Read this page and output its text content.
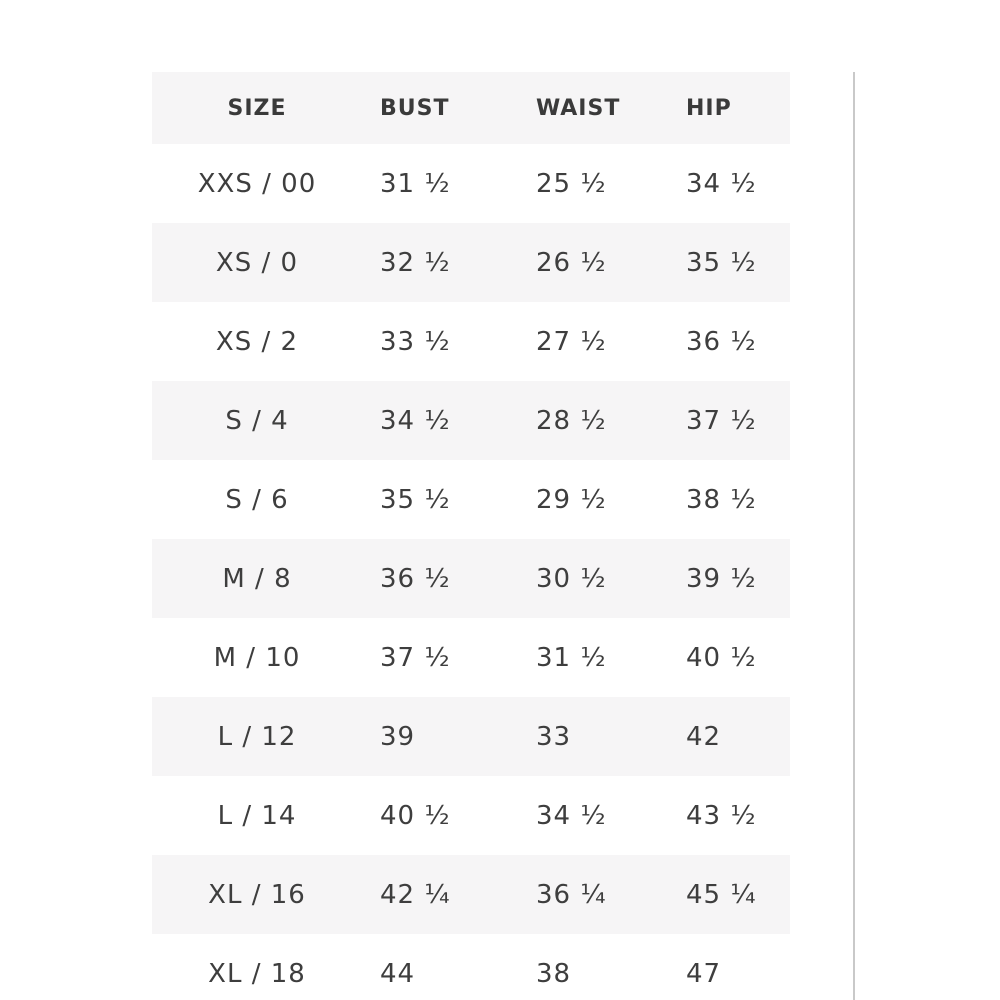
SIZE	BUST	WAIST	HIP
XXS / 00	31 ½	25 ½	34 ½
XS / 0	32 ½	26 ½	35 ½
XS / 2	33 ½	27 ½	36 ½
S / 4	34 ½	28 ½	37 ½
S / 6	35 ½	29 ½	38 ½
M / 8	36 ½	30 ½	39 ½
M / 10	37 ½	31 ½	40 ½
L / 12	39	33	42
L / 14	40 ½	34 ½	43 ½
XL / 16	42 ¼	36 ¼	45 ¼
XL / 18	44	38	47
